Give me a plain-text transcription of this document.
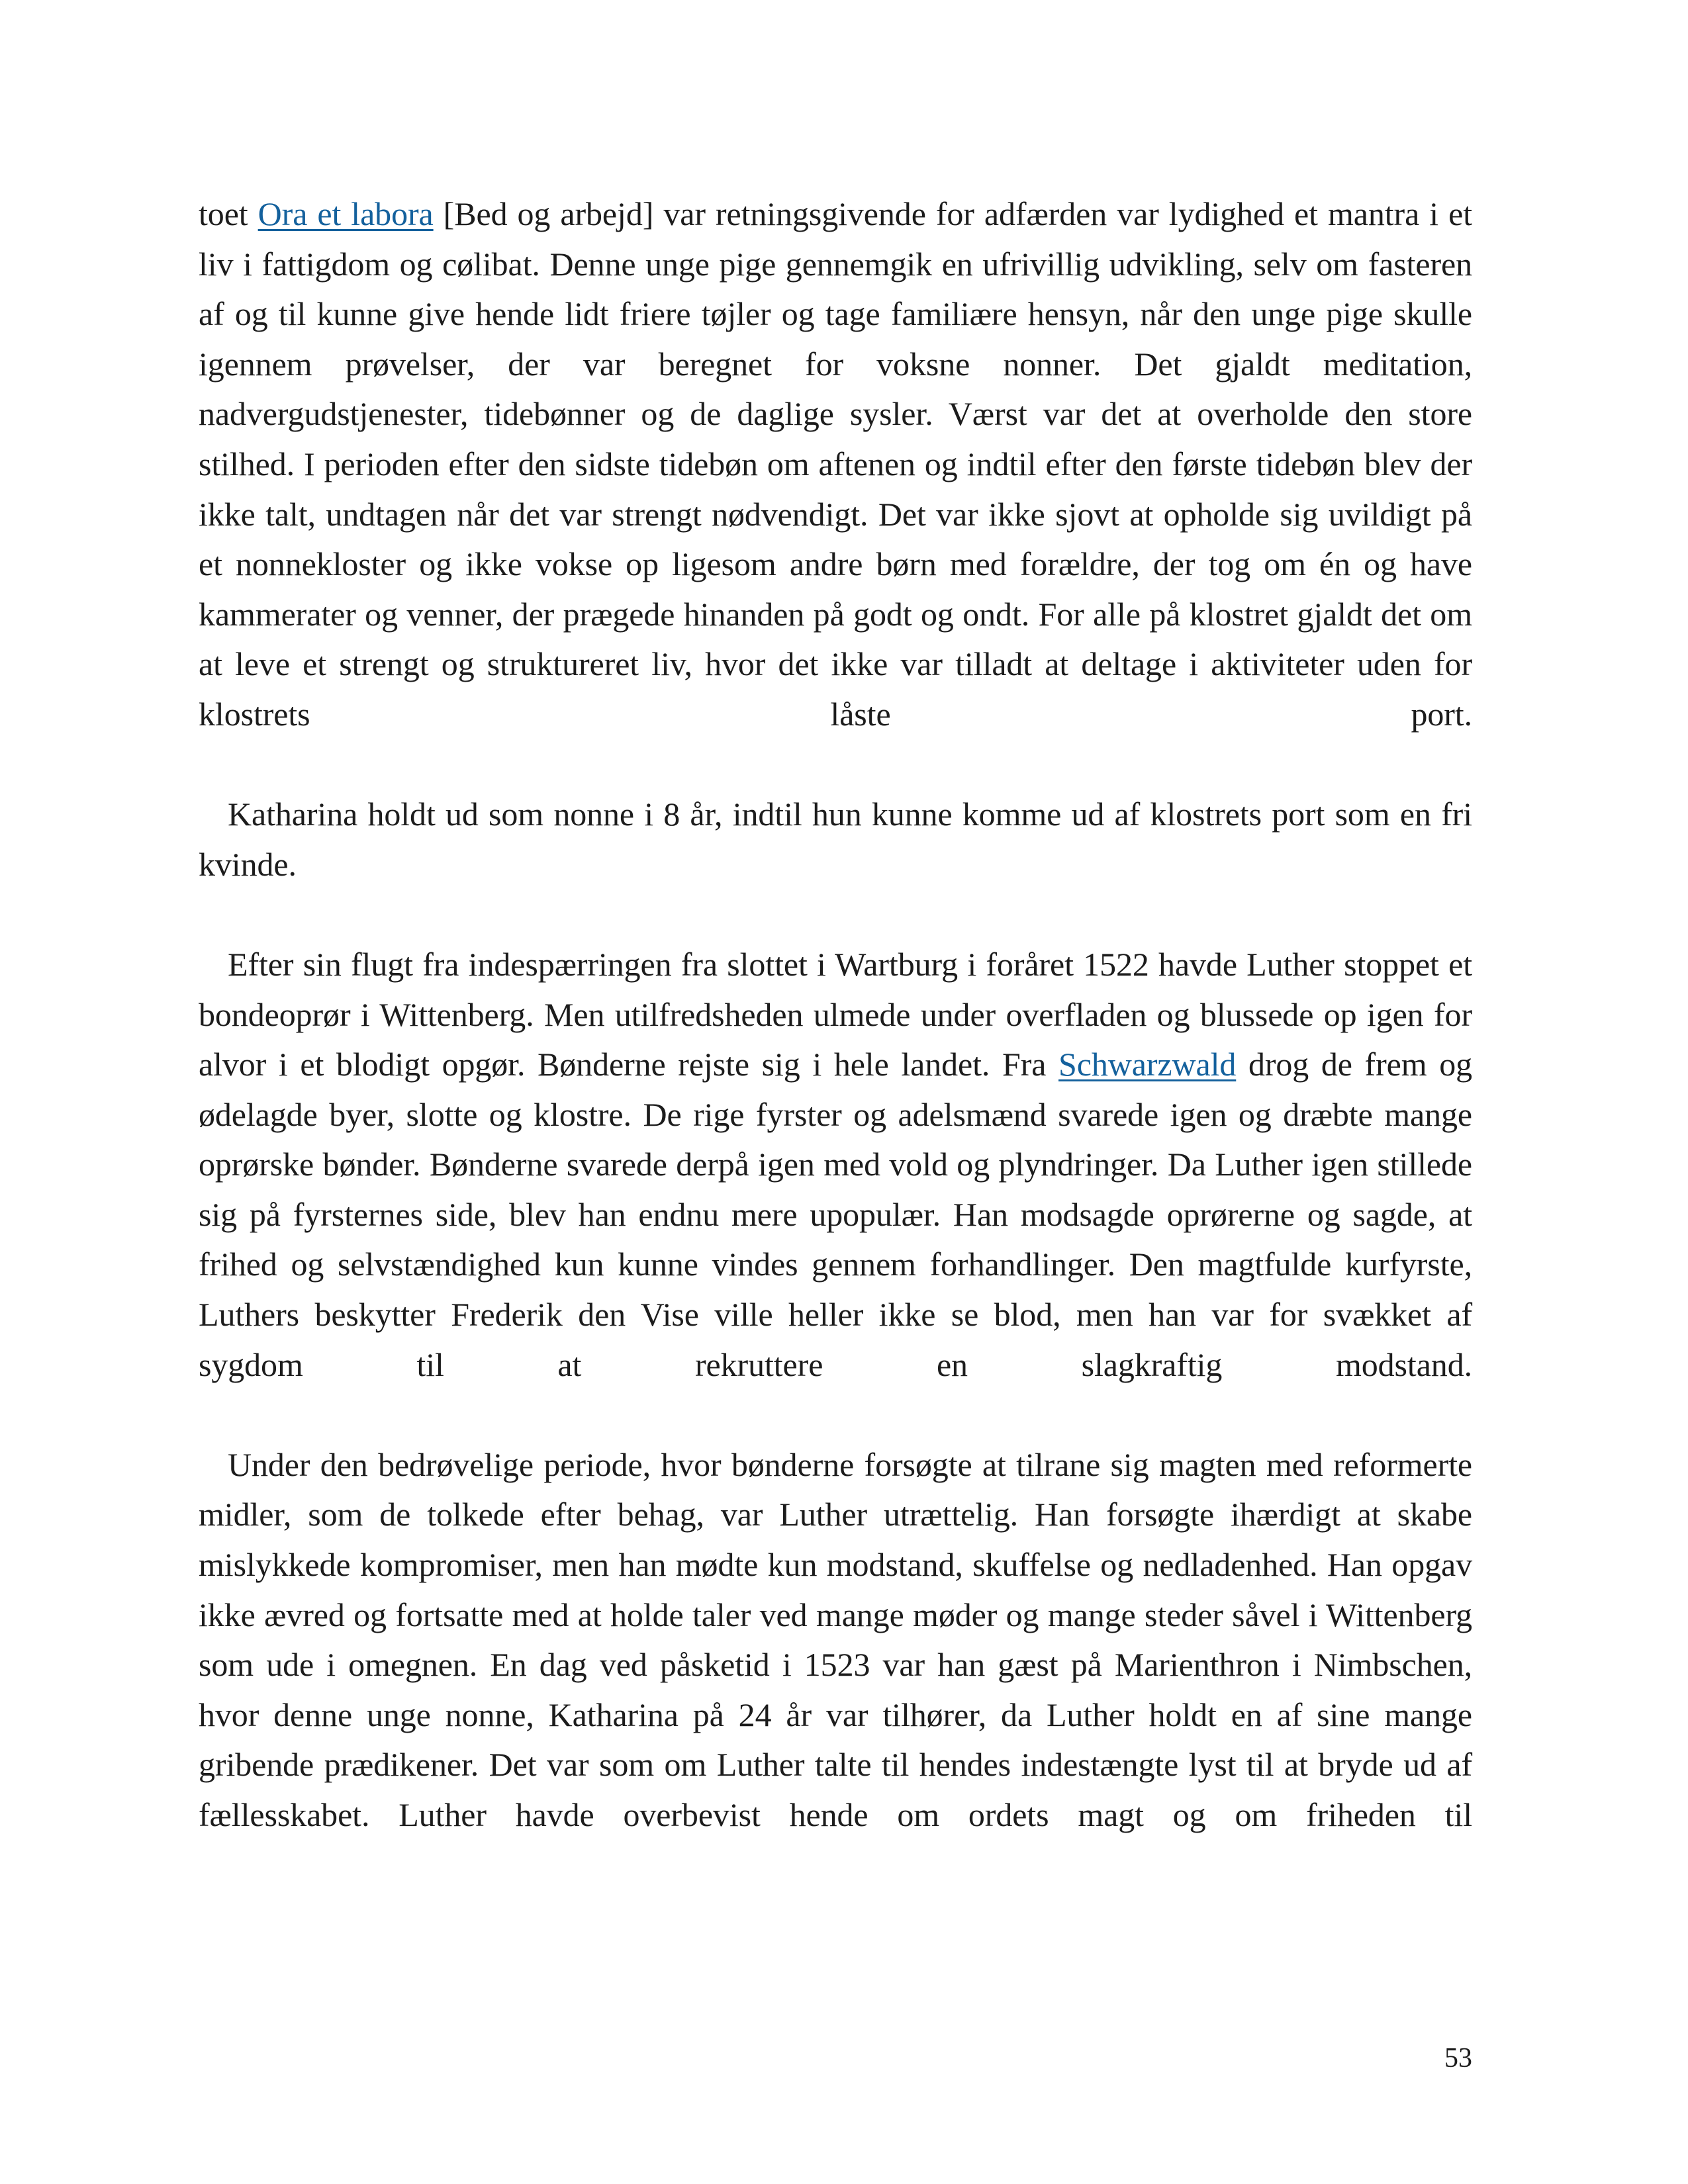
toet Ora et labora [Bed og arbejd] var retningsgivende for adfærden var lydighed et mantra i et liv i fattigdom og cølibat. Denne unge pige gennemgik en ufrivillig udvikling, selv om fasteren af og til kunne give hende lidt friere tøjler og tage familiære hensyn, når den unge pige skulle igennem prøvelser, der var beregnet for voksne nonner. Det gjaldt meditation, nadvergudstjenester, tidebønner og de daglige sysler. Værst var det at overholde den store stilhed. I perioden efter den sidste tidebøn om aftenen og indtil efter den første tidebøn blev der ikke talt, undtagen når det var strengt nødvendigt. Det var ikke sjovt at opholde sig uvildigt på et nonnekloster og ikke vokse op ligesom andre børn med forældre, der tog om én og have kammerater og venner, der prægede hinanden på godt og ondt. For alle på klostret gjaldt det om at leve et strengt og struktureret liv, hvor det ikke var tilladt at deltage i aktiviteter uden for klostrets låste port.

Katharina holdt ud som nonne i 8 år, indtil hun kunne komme ud af klostrets port som en fri kvinde.

Efter sin flugt fra indespærringen fra slottet i Wartburg i foråret 1522 havde Luther stoppet et bondeoprør i Wittenberg. Men utilfredsheden ulmede under overfladen og blussede op igen for alvor i et blodigt opgør. Bønderne rejste sig i hele landet. Fra Schwarzwald drog de frem og ødelagde byer, slotte og klostre. De rige fyrster og adelsmænd svarede igen og dræbte mange oprørske bønder. Bønderne svarede derpå igen med vold og plyndringer. Da Luther igen stillede sig på fyrsternes side, blev han endnu mere upopulær. Han modsagde oprørerne og sagde, at frihed og selvstændighed kun kunne vindes gennem forhandlinger. Den magtfulde kurfyrste, Luthers beskytter Frederik den Vise ville heller ikke se blod, men han var for svækket af sygdom til at rekruttere en slagkraftig modstand.

Under den bedrøvelige periode, hvor bønderne forsøgte at tilrane sig magten med reformerte midler, som de tolkede efter behag, var Luther utrættelig. Han forsøgte ihærdigt at skabe mislykkede kompromiser, men han mødte kun modstand, skuffelse og nedladenhed. Han opgav ikke ævred og fortsatte med at holde taler ved mange møder og mange steder såvel i Wittenberg som ude i omegnen. En dag ved påsketid i 1523 var han gæst på Marienthron i Nimbschen, hvor denne unge nonne, Katharina på 24 år var tilhører, da Luther holdt en af sine mange gribende prædikener. Det var som om Luther talte til hendes indestængte lyst til at bryde ud af fællesskabet. Luther havde overbevist hende om ordets magt og om friheden til

53
